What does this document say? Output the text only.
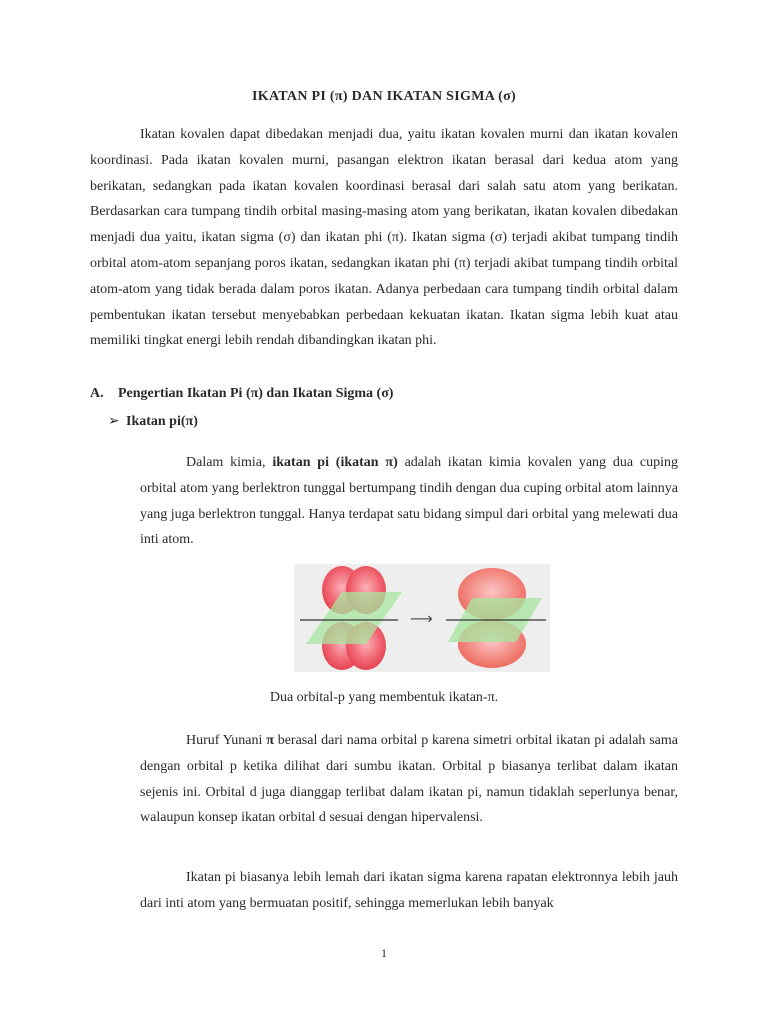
IKATAN PI (π) DAN IKATAN SIGMA (σ)

Ikatan kovalen dapat dibedakan menjadi dua, yaitu ikatan kovalen murni dan ikatan kovalen koordinasi. Pada ikatan kovalen murni, pasangan elektron ikatan berasal dari kedua atom yang berikatan, sedangkan pada ikatan kovalen koordinasi berasal dari salah satu atom yang berikatan. Berdasarkan cara tumpang tindih orbital masing-masing atom yang berikatan, ikatan kovalen dibedakan menjadi dua yaitu, ikatan sigma (σ) dan ikatan phi (π). Ikatan sigma (σ) terjadi akibat tumpang tindih orbital atom-atom sepanjang poros ikatan, sedangkan ikatan phi (π) terjadi akibat tumpang tindih orbital atom-atom yang tidak berada dalam poros ikatan. Adanya perbedaan cara tumpang tindih orbital dalam pembentukan ikatan tersebut menyebabkan perbedaan kekuatan ikatan. Ikatan sigma lebih kuat atau memiliki tingkat energi lebih rendah dibandingkan ikatan phi.

A. Pengertian Ikatan Pi (π) dan Ikatan Sigma (σ)
➢ Ikatan pi(π)

Dalam kimia, ikatan pi (ikatan π) adalah ikatan kimia kovalen yang dua cuping orbital atom yang berlektron tunggal bertumpang tindih dengan dua cuping orbital atom lainnya yang juga berlektron tunggal. Hanya terdapat satu bidang simpul dari orbital yang melewati dua inti atom.

⟶
Dua orbital-p yang membentuk ikatan-π.

Huruf Yunani π berasal dari nama orbital p karena simetri orbital ikatan pi adalah sama dengan orbital p ketika dilihat dari sumbu ikatan. Orbital p biasanya terlibat dalam ikatan sejenis ini. Orbital d juga dianggap terlibat dalam ikatan pi, namun tidaklah seperlunya benar, walaupun konsep ikatan orbital d sesuai dengan hipervalensi.

Ikatan pi biasanya lebih lemah dari ikatan sigma karena rapatan elektronnya lebih jauh dari inti atom yang bermuatan positif, sehingga memerlukan lebih banyak

1
